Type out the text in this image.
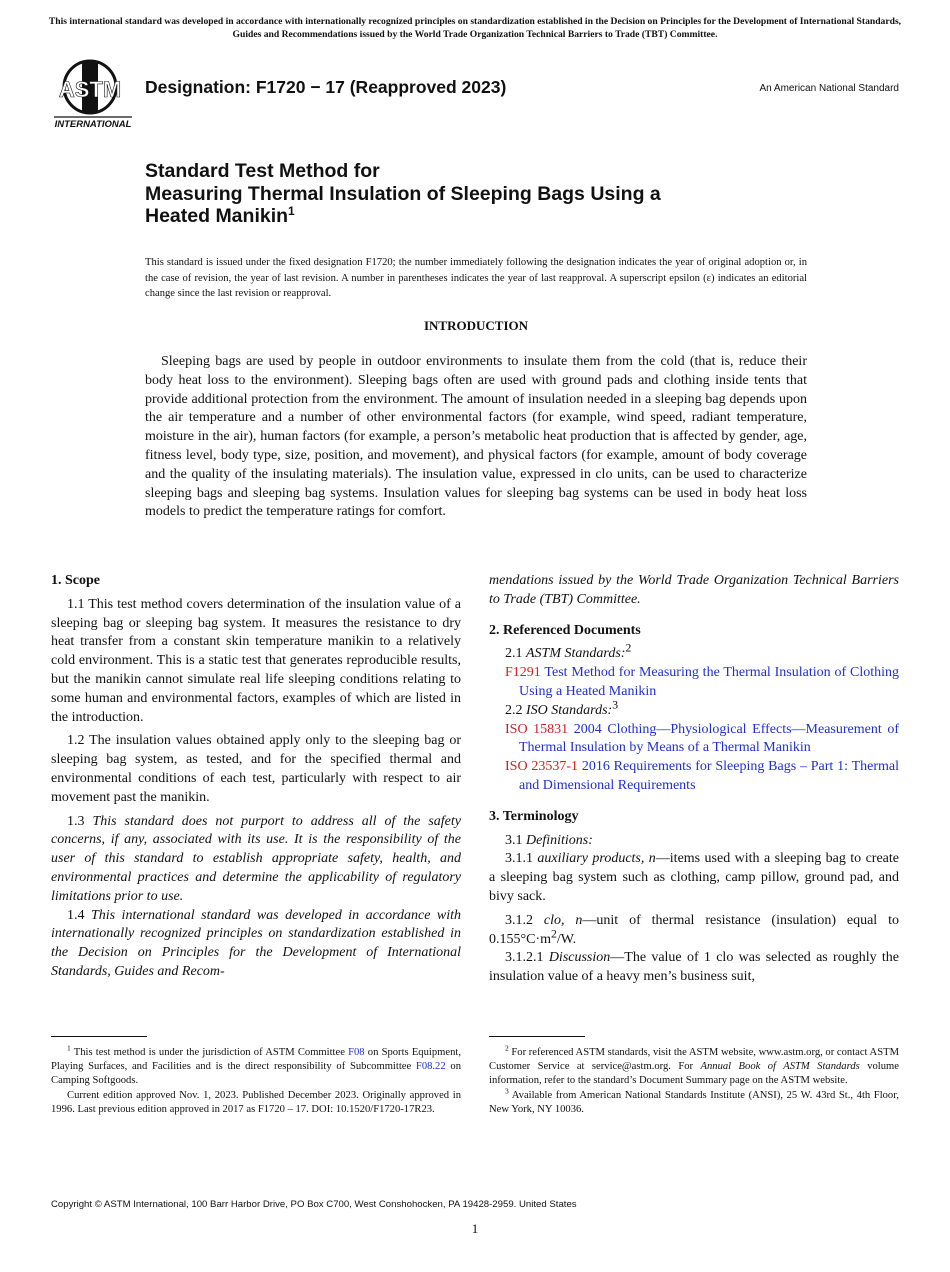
This international standard was developed in accordance with internationally recognized principles on standardization established in the Decision on Principles for the Development of International Standards, Guides and Recommendations issued by the World Trade Organization Technical Barriers to Trade (TBT) Committee.
ASTM
INTERNATIONAL
Designation: F1720 − 17 (Reapproved 2023)	An American National Standard
Standard Test Method for
Measuring Thermal Insulation of Sleeping Bags Using a
Heated Manikin$^1$
This standard is issued under the fixed designation F1720; the number immediately following the designation indicates the year of original adoption or, in the case of revision, the year of last revision. A number in parentheses indicates the year of last reapproval. A superscript epsilon (ε) indicates an editorial change since the last revision or reapproval.
INTRODUCTION
Sleeping bags are used by people in outdoor environments to insulate them from the cold (that is, reduce their body heat loss to the environment). Sleeping bags often are used with ground pads and clothing inside tents that provide additional protection from the environment. The amount of insulation needed in a sleeping bag depends upon the air temperature and a number of other environmental factors (for example, wind speed, radiant temperature, moisture in the air), human factors (for example, a person’s metabolic heat production that is affected by gender, age, fitness level, body type, size, position, and movement), and physical factors (for example, amount of body coverage and the quality of the insulating materials). The insulation value, expressed in clo units, can be used to characterize sleeping bags and sleeping bag systems. Insulation values for sleeping bag systems can be used in body heat loss models to predict the temperature ratings for comfort.

1. Scope

1.1 This test method covers determination of the insulation value of a sleeping bag or sleeping bag system. It measures the resistance to dry heat transfer from a constant skin temperature manikin to a relatively cold environment. This is a static test that generates reproducible results, but the manikin cannot simulate real life sleeping conditions relating to some human and environmental factors, examples of which are listed in the introduction.

1.2 The insulation values obtained apply only to the sleeping bag or sleeping bag system, as tested, and for the specified thermal and environmental conditions of each test, particularly with respect to air movement past the manikin.

1.3 This standard does not purport to address all of the safety concerns, if any, associated with its use. It is the responsibility of the user of this standard to establish appropriate safety, health, and environmental practices and determine the applicability of regulatory limitations prior to use.

1.4 This international standard was developed in accordance with internationally recognized principles on standardization established in the Decision on Principles for the Development of International Standards, Guides and Recom-

mendations issued by the World Trade Organization Technical Barriers to Trade (TBT) Committee.

2. Referenced Documents

2.1 ASTM Standards:$^2$

F1291 Test Method for Measuring the Thermal Insulation of Clothing Using a Heated Manikin

2.2 ISO Standards:$^3$

ISO 15831 2004 Clothing—Physiological Effects—Measurement of Thermal Insulation by Means of a Thermal Manikin

ISO 23537-1 2016 Requirements for Sleeping Bags – Part 1: Thermal and Dimensional Requirements

3. Terminology

3.1 Definitions:

3.1.1 auxiliary products, n—items used with a sleeping bag to create a sleeping bag system such as clothing, camp pillow, ground pad, and bivy sack.

3.1.2 clo, n—unit of thermal resistance (insulation) equal to $0.155^\circ C\cdot m^2/W$.

3.1.2.1 Discussion—The value of 1 clo was selected as roughly the insulation value of a heavy men’s business suit,

$^1$ This test method is under the jurisdiction of ASTM Committee F08 on Sports Equipment, Playing Surfaces, and Facilities and is the direct responsibility of Subcommittee F08.22 on Camping Softgoods.

Current edition approved Nov. 1, 2023. Published December 2023. Originally approved in 1996. Last previous edition approved in 2017 as F1720 – 17. DOI: 10.1520/F1720-17R23.

$^2$ For referenced ASTM standards, visit the ASTM website, www.astm.org, or contact ASTM Customer Service at service@astm.org. For Annual Book of ASTM Standards volume information, refer to the standard’s Document Summary page on the ASTM website.

$^3$ Available from American National Standards Institute (ANSI), 25 W. 43rd St., 4th Floor, New York, NY 10036.

Copyright © ASTM International, 100 Barr Harbor Drive, PO Box C700, West Conshohocken, PA 19428-2959. United States
1
